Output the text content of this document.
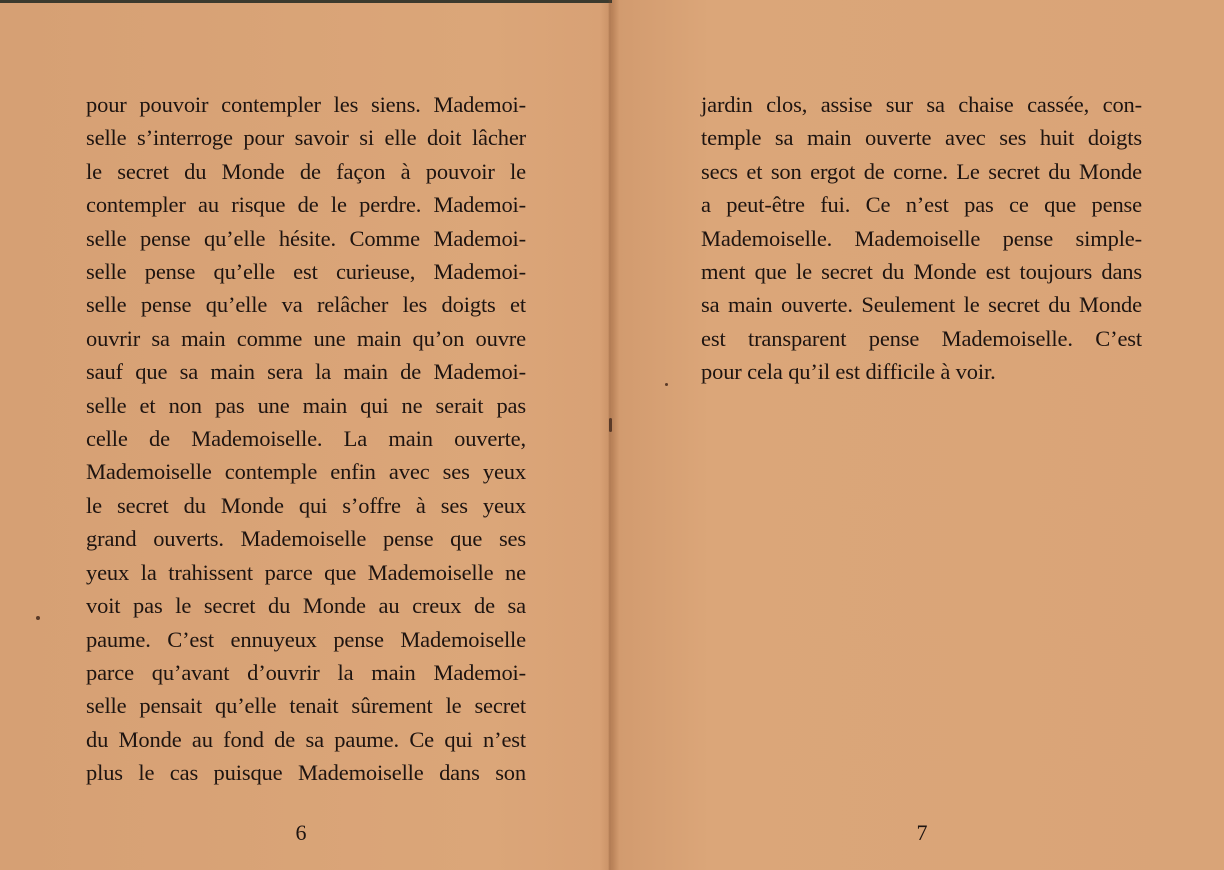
pour pouvoir contempler les siens. Mademoi-
selle s’interroge pour savoir si elle doit lâcher
le secret du Monde de façon à pouvoir le
contempler au risque de le perdre. Mademoi-
selle pense qu’elle hésite. Comme Mademoi-
selle pense qu’elle est curieuse, Mademoi-
selle pense qu’elle va relâcher les doigts et
ouvrir sa main comme une main qu’on ouvre
sauf que sa main sera la main de Mademoi-
selle et non pas une main qui ne serait pas
celle de Mademoiselle. La main ouverte,
Mademoiselle contemple enfin avec ses yeux
le secret du Monde qui s’offre à ses yeux
grand ouverts. Mademoiselle pense que ses
yeux la trahissent parce que Mademoiselle ne
voit pas le secret du Monde au creux de sa
paume. C’est ennuyeux pense Mademoiselle
parce qu’avant d’ouvrir la main Mademoi-
selle pensait qu’elle tenait sûrement le secret
du Monde au fond de sa paume. Ce qui n’est
plus le cas puisque Mademoiselle dans son
6
jardin clos, assise sur sa chaise cassée, con-
temple sa main ouverte avec ses huit doigts
secs et son ergot de corne. Le secret du Monde
a peut-être fui. Ce n’est pas ce que pense
Mademoiselle. Mademoiselle pense simple-
ment que le secret du Monde est toujours dans
sa main ouverte. Seulement le secret du Monde
est transparent pense Mademoiselle. C’est
pour cela qu’il est difficile à voir.
7
